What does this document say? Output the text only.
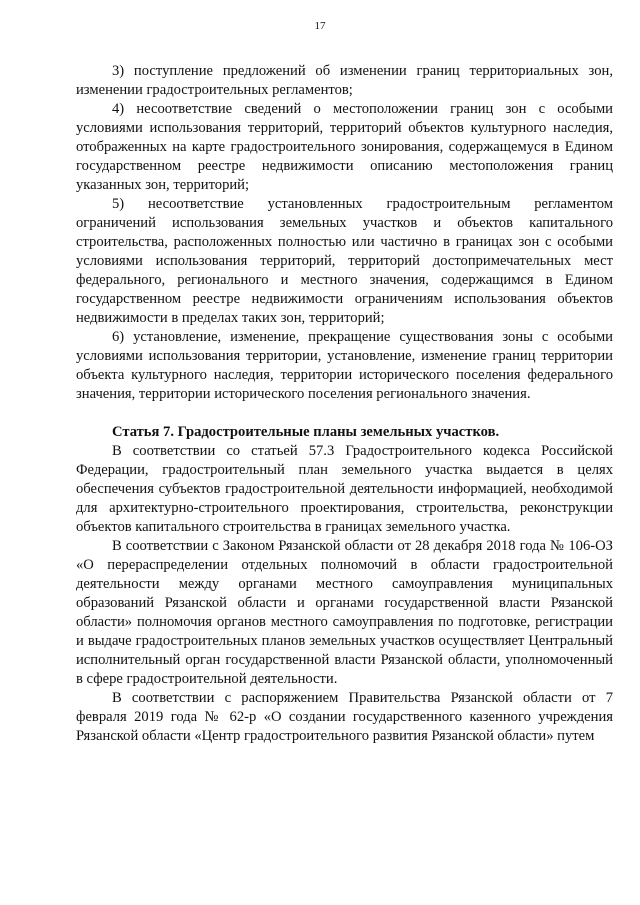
17

3) поступление предложений об изменении границ территориальных зон, изменении градостроительных регламентов;

4) несоответствие сведений о местоположении границ зон с особыми условиями использования территорий, территорий объектов культурного наследия, отображенных на карте градостроительного зонирования, содержащемуся в Едином государственном реестре недвижимости описанию местоположения границ указанных зон, территорий;

5) несоответствие установленных градостроительным регламентом ограничений использования земельных участков и объектов капитального строительства, расположенных полностью или частично в границах зон с особыми условиями использования территорий, территорий достопримечательных мест федерального, регионального и местного значения, содержащимся в Едином государственном реестре недвижимости ограничениям использования объектов недвижимости в пределах таких зон, территорий;

6) установление, изменение, прекращение существования зоны с особыми условиями использования территории, установление, изменение границ территории объекта культурного наследия, территории исторического поселения федерального значения, территории исторического поселения регионального значения.

Статья 7. Градостроительные планы земельных участков.

В соответствии со статьей 57.3 Градостроительного кодекса Российской Федерации, градостроительный план земельного участка выдается в целях обеспечения субъектов градостроительной деятельности информацией, необходимой для архитектурно-строительного проектирования, строительства, реконструкции объектов капитального строительства в границах земельного участка.

В соответствии с Законом Рязанской области от 28 декабря 2018 года № 106-ОЗ «О перераспределении отдельных полномочий в области градостроительной деятельности между органами местного самоуправления муниципальных образований Рязанской области и органами государственной власти Рязанской области» полномочия органов местного самоуправления по подготовке, регистрации и выдаче градостроительных планов земельных участков осуществляет Центральный исполнительный орган государственной власти Рязанской области, уполномоченный в сфере градостроительной деятельности.

В соответствии с распоряжением Правительства Рязанской области от 7 февраля 2019 года № 62-р «О создании государственного казенного учреждения Рязанской области «Центр градостроительного развития Рязанской области» путем
